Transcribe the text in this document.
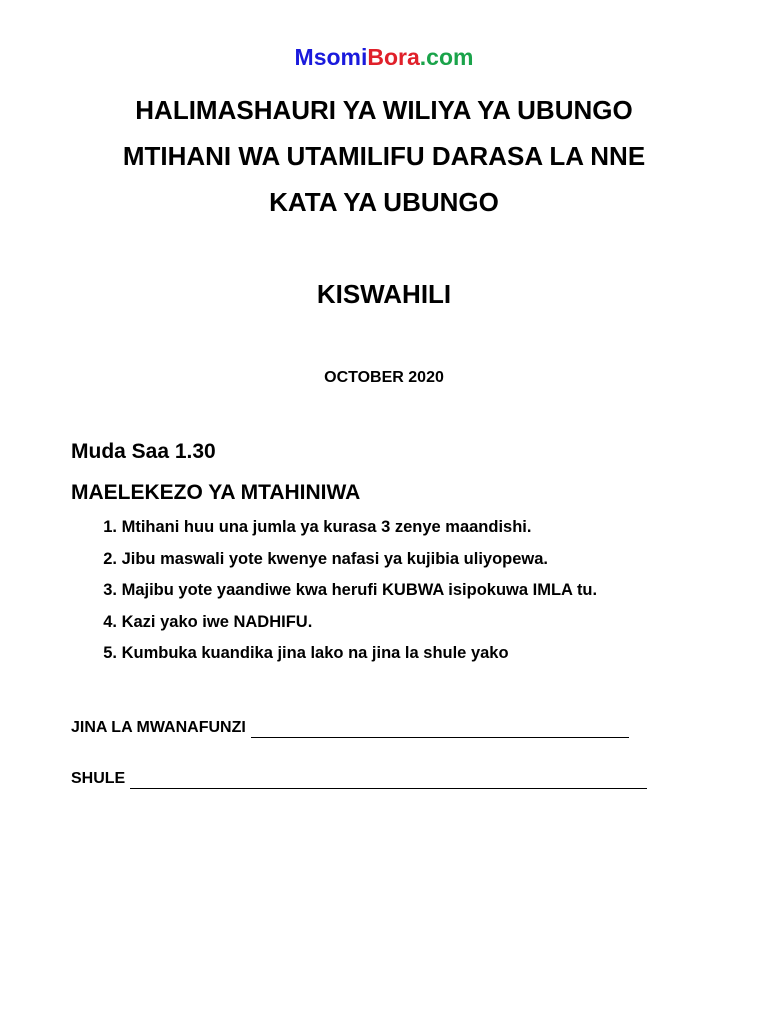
MsomiBora.com
HALIMASHAURI YA WILIYA YA UBUNGO
MTIHANI WA UTAMILIFU DARASA LA NNE
KATA YA UBUNGO
KISWAHILI
OCTOBER 2020
Muda Saa 1.30
MAELEKEZO YA MTAHINIWA
1.
Mtihani huu una jumla ya kurasa 3 zenye maandishi.
2.
Jibu maswali yote kwenye nafasi ya kujibia uliyopewa.
3.
Majibu yote yaandiwe kwa herufi KUBWA isipokuwa IMLA tu.
4.
Kazi yako iwe NADHIFU.
5.
Kumbuka kuandika jina lako na jina la shule yako
JINA LA MWANAFUNZI
SHULE
